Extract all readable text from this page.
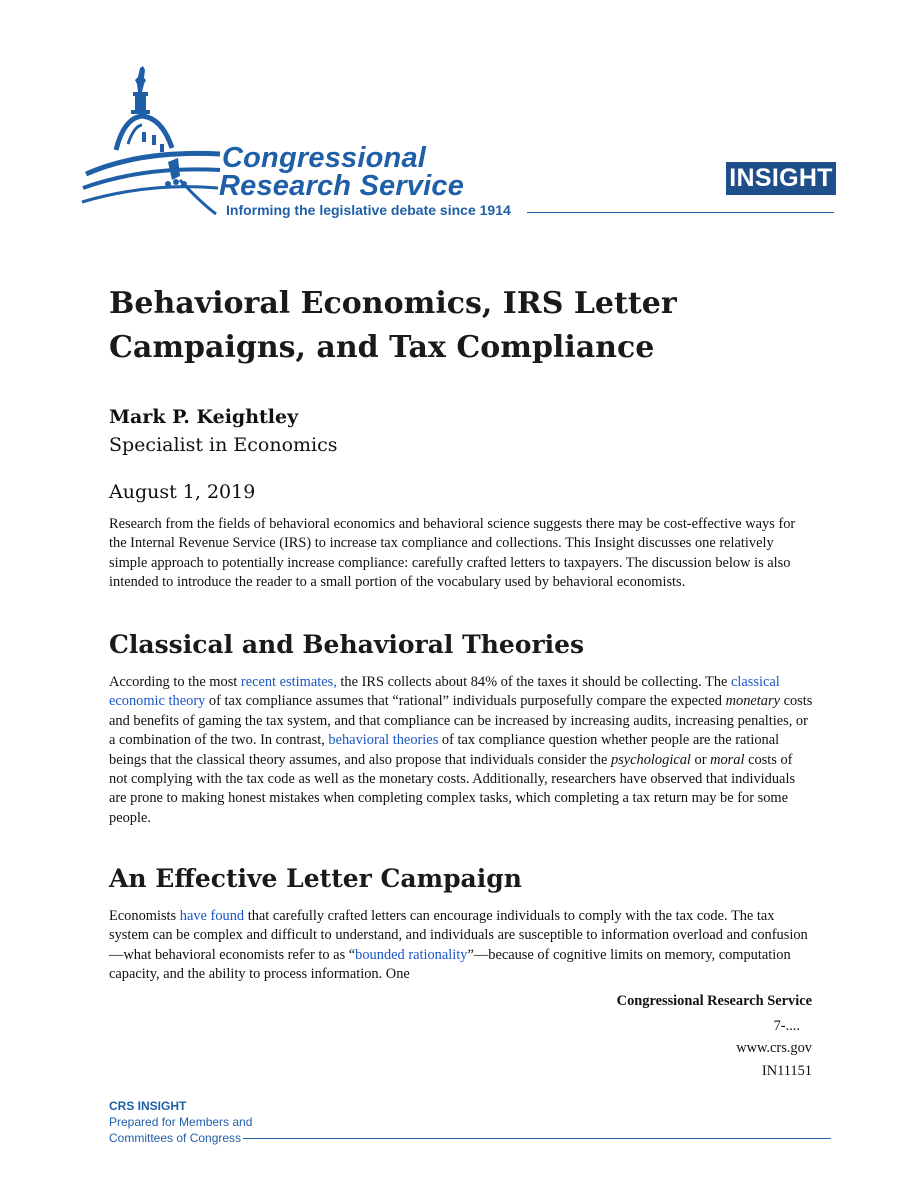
Congressional
Research Service
Informing the legislative debate since 1914
INSIGHT
Behavioral Economics, IRS Letter Campaigns, and Tax Compliance
Mark P. Keightley
Specialist in Economics
August 1, 2019

Research from the fields of behavioral economics and behavioral science suggests there may be cost-effective ways for the Internal Revenue Service (IRS) to increase tax compliance and collections. This Insight discusses one relatively simple approach to potentially increase compliance: carefully crafted letters to taxpayers. The discussion below is also intended to introduce the reader to a small portion of the vocabulary used by behavioral economists.

Classical and Behavioral Theories

According to the most recent estimates, the IRS collects about 84% of the taxes it should be collecting. The classical economic theory of tax compliance assumes that “rational” individuals purposefully compare the expected monetary costs and benefits of gaming the tax system, and that compliance can be increased by increasing audits, increasing penalties, or a combination of the two. In contrast, behavioral theories of tax compliance question whether people are the rational beings that the classical theory assumes, and also propose that individuals consider the psychological or moral costs of not complying with the tax code as well as the monetary costs. Additionally, researchers have observed that individuals are prone to making honest mistakes when completing complex tasks, which completing a tax return may be for some people.

An Effective Letter Campaign

Economists have found that carefully crafted letters can encourage individuals to comply with the tax code. The tax system can be complex and difficult to understand, and individuals are susceptible to information overload and confusion—what behavioral economists refer to as “bounded rationality”—because of cognitive limits on memory, computation capacity, and the ability to process information. One

Congressional Research Service
7-....
www.crs.gov
IN11151
CRS INSIGHT
Prepared for Members and
Committees of Congress
